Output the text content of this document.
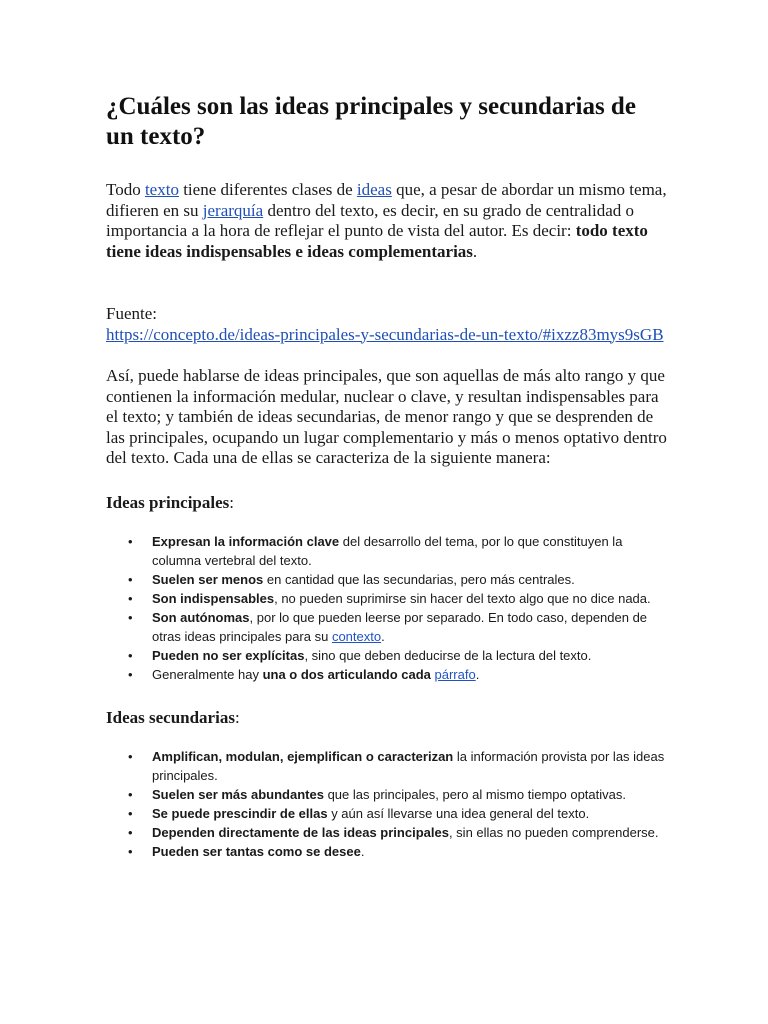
¿Cuáles son las ideas principales y secundarias de un texto?

Todo texto tiene diferentes clases de ideas que, a pesar de abordar un mismo tema, difieren en su jerarquía dentro del texto, es decir, en su grado de centralidad o importancia a la hora de reflejar el punto de vista del autor. Es decir: todo texto tiene ideas indispensables e ideas complementarias.

Fuente:
https://concepto.de/ideas-principales-y-secundarias-de-un-texto/#ixzz83mys9sGB

Así, puede hablarse de ideas principales, que son aquellas de más alto rango y que contienen la información medular, nuclear o clave, y resultan indispensables para el texto; y también de ideas secundarias, de menor rango y que se desprenden de las principales, ocupando un lugar complementario y más o menos optativo dentro del texto. Cada una de ellas se caracteriza de la siguiente manera:

Ideas principales:
• Expresan la información clave del desarrollo del tema, por lo que constituyen la columna vertebral del texto.
• Suelen ser menos en cantidad que las secundarias, pero más centrales.
• Son indispensables, no pueden suprimirse sin hacer del texto algo que no dice nada.
• Son autónomas, por lo que pueden leerse por separado. En todo caso, dependen de otras ideas principales para su contexto.
• Pueden no ser explícitas, sino que deben deducirse de la lectura del texto.
• Generalmente hay una o dos articulando cada párrafo.
Ideas secundarias:
• Amplifican, modulan, ejemplifican o caracterizan la información provista por las ideas principales.
• Suelen ser más abundantes que las principales, pero al mismo tiempo optativas.
• Se puede prescindir de ellas y aún así llevarse una idea general del texto.
• Dependen directamente de las ideas principales, sin ellas no pueden comprenderse.
• Pueden ser tantas como se desee.
